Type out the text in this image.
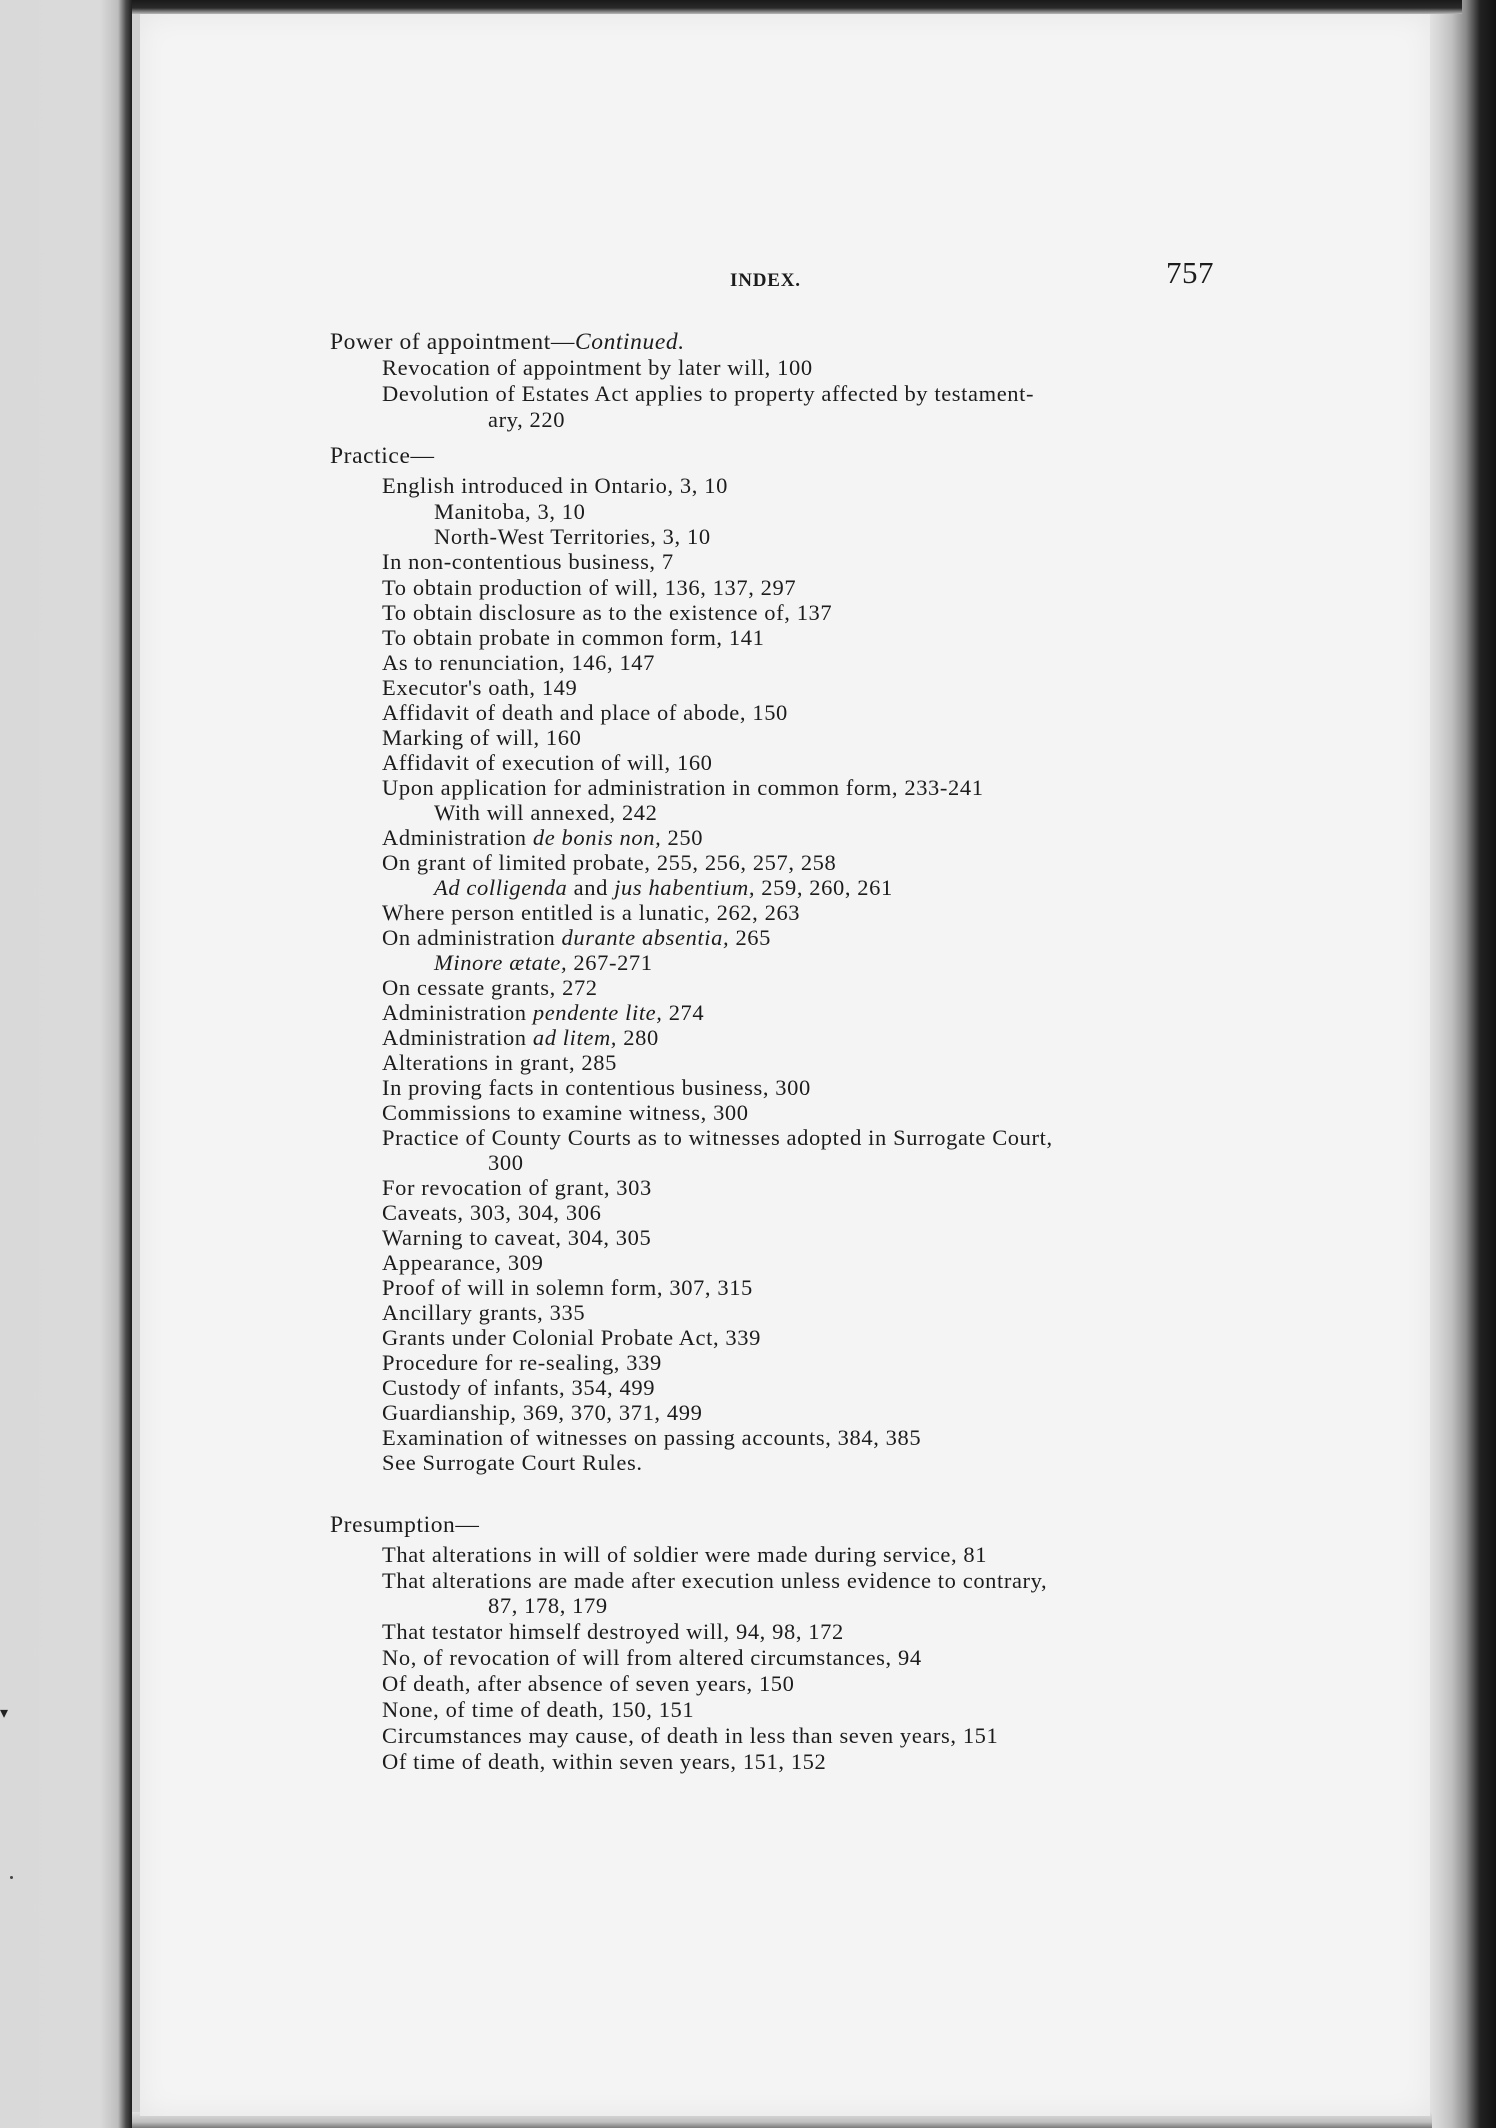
▾
INDEX.	757
Power of appointment—Continued.
Revocation of appointment by later will, 100
Devolution of Estates Act applies to property affected by testament-
ary, 220
Practice—
English introduced in Ontario, 3, 10
Manitoba, 3, 10
North-West Territories, 3, 10
In non-contentious business, 7
To obtain production of will, 136, 137, 297
To obtain disclosure as to the existence of, 137
To obtain probate in common form, 141
As to renunciation, 146, 147
Executor's oath, 149
Affidavit of death and place of abode, 150
Marking of will, 160
Affidavit of execution of will, 160
Upon application for administration in common form, 233-241
With will annexed, 242
Administration de bonis non, 250
On grant of limited probate, 255, 256, 257, 258
Ad colligenda and jus habentium, 259, 260, 261
Where person entitled is a lunatic, 262, 263
On administration durante absentia, 265
Minore ætate, 267-271
On cessate grants, 272
Administration pendente lite, 274
Administration ad litem, 280
Alterations in grant, 285
In proving facts in contentious business, 300
Commissions to examine witness, 300
Practice of County Courts as to witnesses adopted in Surrogate Court,
300
For revocation of grant, 303
Caveats, 303, 304, 306
Warning to caveat, 304, 305
Appearance, 309
Proof of will in solemn form, 307, 315
Ancillary grants, 335
Grants under Colonial Probate Act, 339
Procedure for re-sealing, 339
Custody of infants, 354, 499
Guardianship, 369, 370, 371, 499
Examination of witnesses on passing accounts, 384, 385
See Surrogate Court Rules.
Presumption—
That alterations in will of soldier were made during service, 81
That alterations are made after execution unless evidence to contrary,
87, 178, 179
That testator himself destroyed will, 94, 98, 172
No, of revocation of will from altered circumstances, 94
Of death, after absence of seven years, 150
None, of time of death, 150, 151
Circumstances may cause, of death in less than seven years, 151
Of time of death, within seven years, 151, 152
